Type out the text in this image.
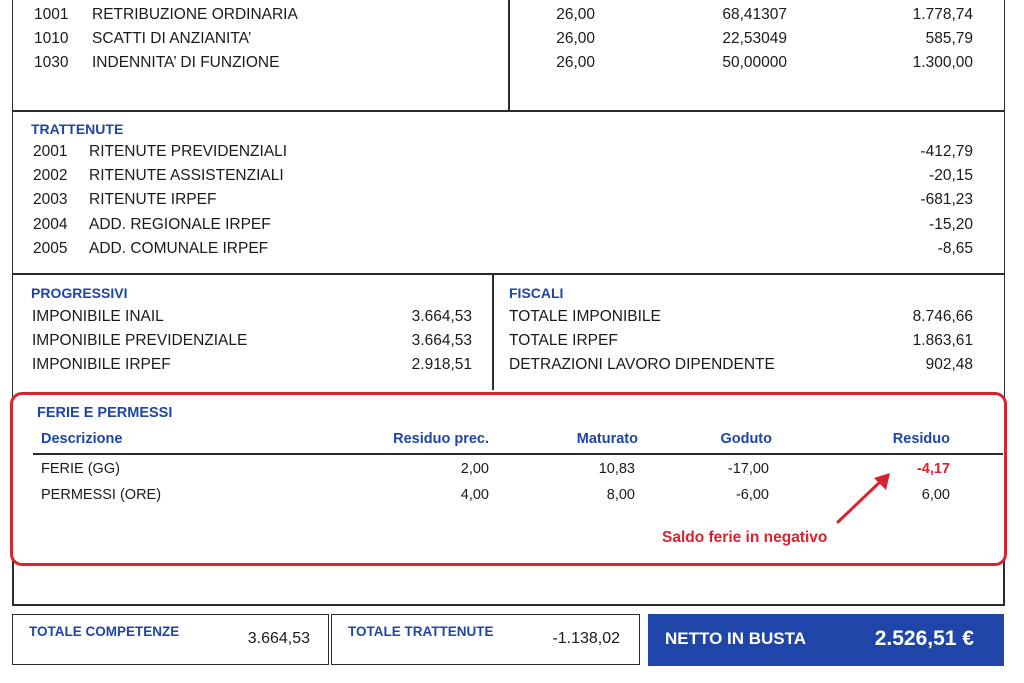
1001 RETRIBUZIONE ORDINARIA	26,00	68,41307	1.778,74
1010 SCATTI DI ANZIANITA’	26,00	22,53049	585,79
1030 INDENNITA’ DI FUNZIONE	26,00	50,00000	1.300,00
TRATTENUTE
2001 RITENUTE PREVIDENZIALI	-412,79
2002 RITENUTE ASSISTENZIALI	-20,15
2003 RITENUTE IRPEF	-681,23
2004 ADD. REGIONALE IRPEF	-15,20
2005 ADD. COMUNALE IRPEF	-8,65
PROGRESSIVI
IMPONIBILE INAIL	3.664,53
IMPONIBILE PREVIDENZIALE	3.664,53
IMPONIBILE IRPEF	2.918,51
FISCALI
TOTALE IMPONIBILE	8.746,66
TOTALE IRPEF	1.863,61
DETRAZIONI LAVORO DIPENDENTE	902,48
FERIE E PERMESSI
Descrizione	Residuo prec.	Maturato	Goduto	Residuo
FERIE (GG)	2,00	10,83	-17,00	-4,17
PERMESSI (ORE)	4,00	8,00	-6,00	6,00
Saldo ferie in negativo
TOTALE COMPETENZE	3.664,53	TOTALE TRATTENUTE	-1.138,02	NETTO IN BUSTA	2.526,51 €
